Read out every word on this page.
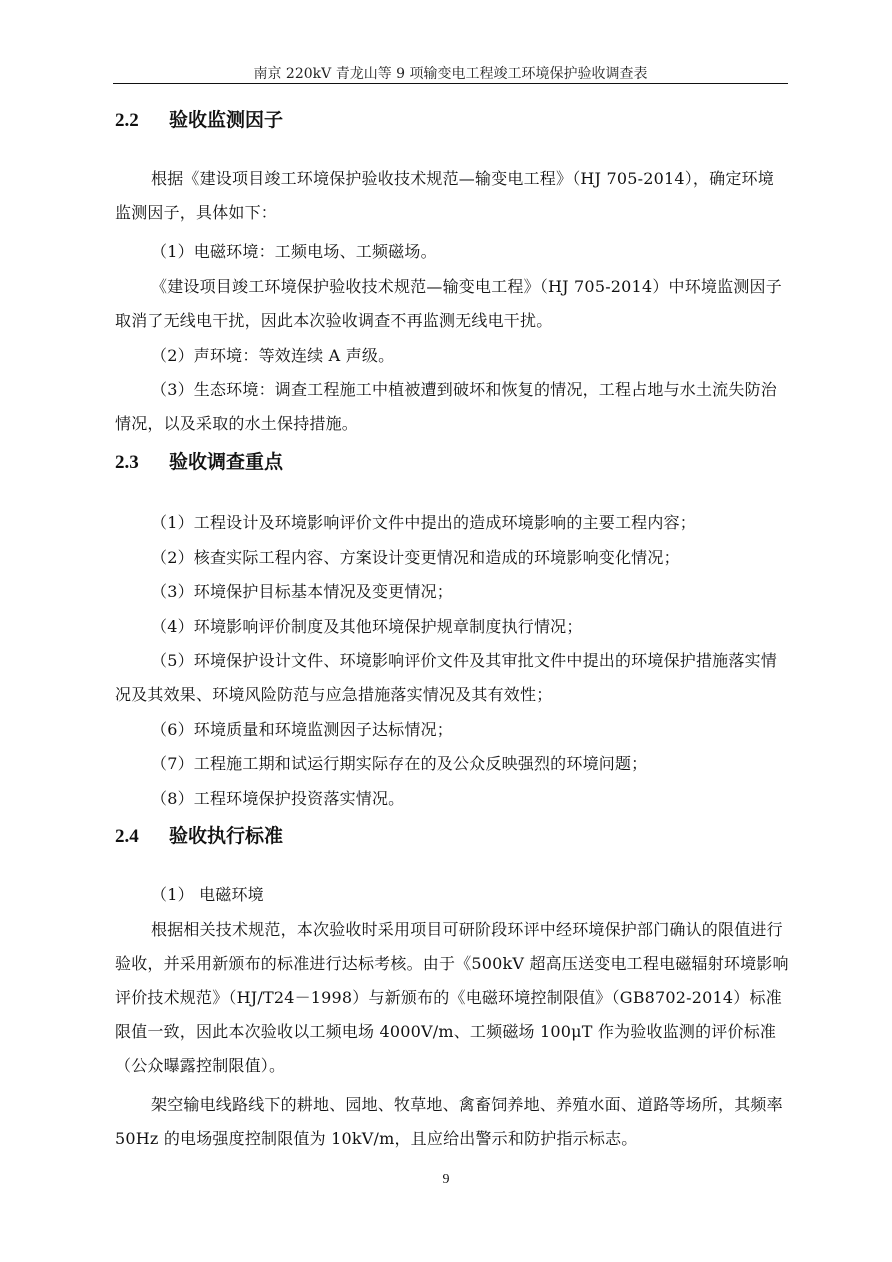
南京 220kV 青龙山等 9 项输变电工程竣工环境保护验收调查表
2.2 验收监测因子

根据《建设项目竣工环境保护验收技术规范—输变电工程》（HJ 705-2014），确定环境监测因子，具体如下：

（1）电磁环境：工频电场、工频磁场。

《建设项目竣工环境保护验收技术规范—输变电工程》（HJ 705-2014）中环境监测因子取消了无线电干扰，因此本次验收调查不再监测无线电干扰。

（2）声环境：等效连续 A 声级。

（3）生态环境：调查工程施工中植被遭到破坏和恢复的情况，工程占地与水土流失防治情况，以及采取的水土保持措施。

2.3 验收调查重点

（1）工程设计及环境影响评价文件中提出的造成环境影响的主要工程内容；

（2）核查实际工程内容、方案设计变更情况和造成的环境影响变化情况；

（3）环境保护目标基本情况及变更情况；

（4）环境影响评价制度及其他环境保护规章制度执行情况；

（5）环境保护设计文件、环境影响评价文件及其审批文件中提出的环境保护措施落实情况及其效果、环境风险防范与应急措施落实情况及其有效性；

（6）环境质量和环境监测因子达标情况；

（7）工程施工期和试运行期实际存在的及公众反映强烈的环境问题；

（8）工程环境保护投资落实情况。

2.4 验收执行标准

（1） 电磁环境

根据相关技术规范，本次验收时采用项目可研阶段环评中经环境保护部门确认的限值进行验收，并采用新颁布的标准进行达标考核。由于《500kV 超高压送变电工程电磁辐射环境影响评价技术规范》（HJ/T24－1998）与新颁布的《电磁环境控制限值》（GB8702-2014）标准限值一致，因此本次验收以工频电场 4000V/m、工频磁场 100μT 作为验收监测的评价标准（公众曝露控制限值）。

架空输电线路线下的耕地、园地、牧草地、禽畜饲养地、养殖水面、道路等场所，其频率 50Hz 的电场强度控制限值为 10kV/m，且应给出警示和防护指示标志。

9
